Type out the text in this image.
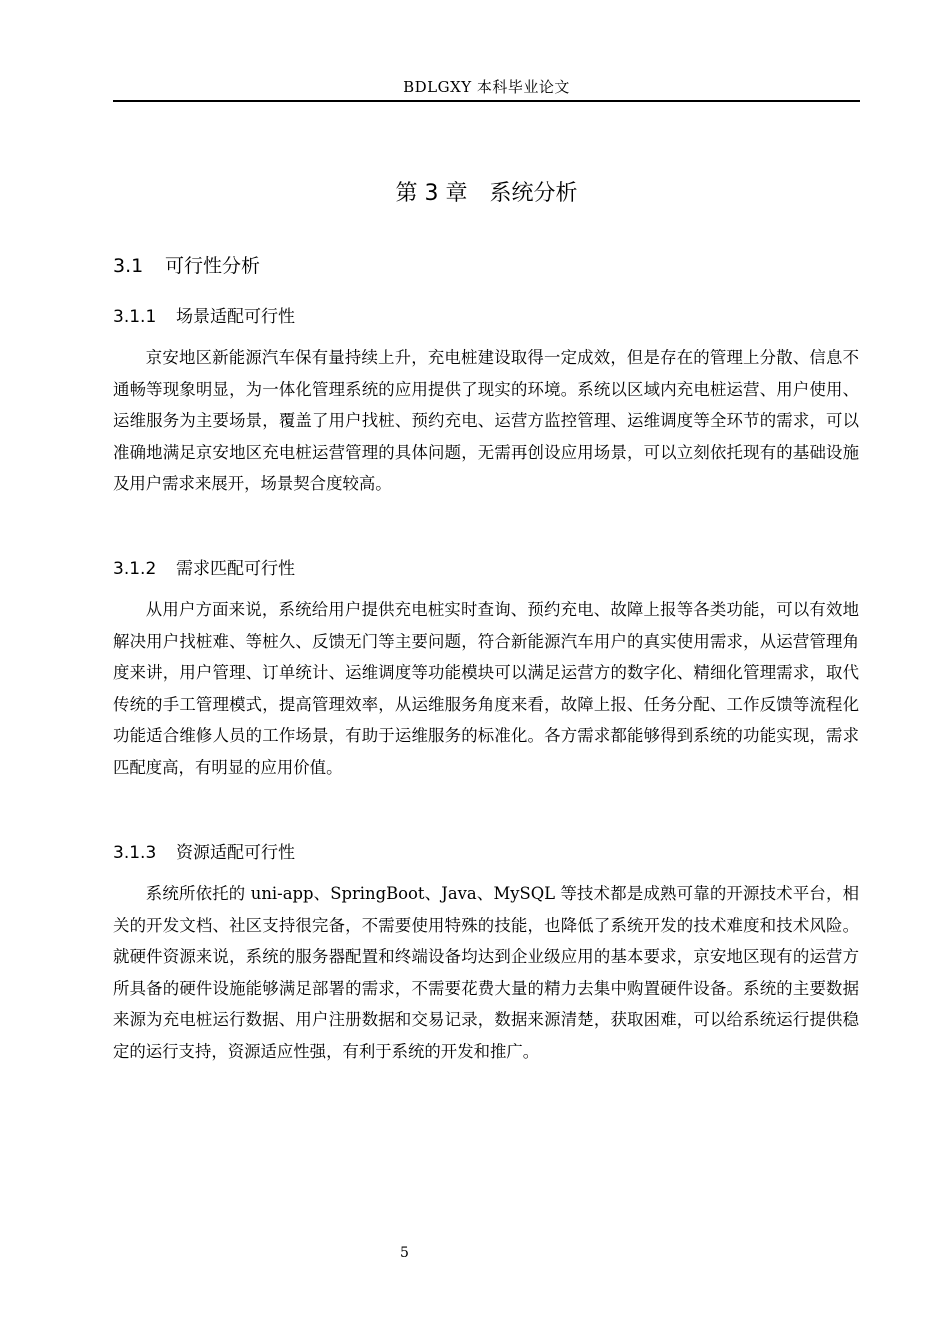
BDLGXY 本科毕业论文
第 3 章 系统分析
3.1 可行性分析
3.1.1 场景适配可行性

京安地区新能源汽车保有量持续上升，充电桩建设取得一定成效，但是存在的管理上分散、信息不通畅等现象明显，为一体化管理系统的应用提供了现实的环境。系统以区域内充电桩运营、用户使用、运维服务为主要场景，覆盖了用户找桩、预约充电、运营方监控管理、运维调度等全环节的需求，可以准确地满足京安地区充电桩运营管理的具体问题，无需再创设应用场景，可以立刻依托现有的基础设施及用户需求来展开，场景契合度较高。

3.1.2 需求匹配可行性

从用户方面来说，系统给用户提供充电桩实时查询、预约充电、故障上报等各类功能，可以有效地解决用户找桩难、等桩久、反馈无门等主要问题，符合新能源汽车用户的真实使用需求，从运营管理角度来讲，用户管理、订单统计、运维调度等功能模块可以满足运营方的数字化、精细化管理需求，取代传统的手工管理模式，提高管理效率，从运维服务角度来看，故障上报、任务分配、工作反馈等流程化功能适合维修人员的工作场景，有助于运维服务的标准化。各方需求都能够得到系统的功能实现，需求匹配度高，有明显的应用价值。

3.1.3 资源适配可行性

系统所依托的 uni-app、SpringBoot、Java、MySQL 等技术都是成熟可靠的开源技术平台，相关的开发文档、社区支持很完备，不需要使用特殊的技能，也降低了系统开发的技术难度和技术风险。就硬件资源来说，系统的服务器配置和终端设备均达到企业级应用的基本要求，京安地区现有的运营方所具备的硬件设施能够满足部署的需求，不需要花费大量的精力去集中购置硬件设备。系统的主要数据来源为充电桩运行数据、用户注册数据和交易记录，数据来源清楚，获取困难，可以给系统运行提供稳定的运行支持，资源适应性强，有利于系统的开发和推广。

5
